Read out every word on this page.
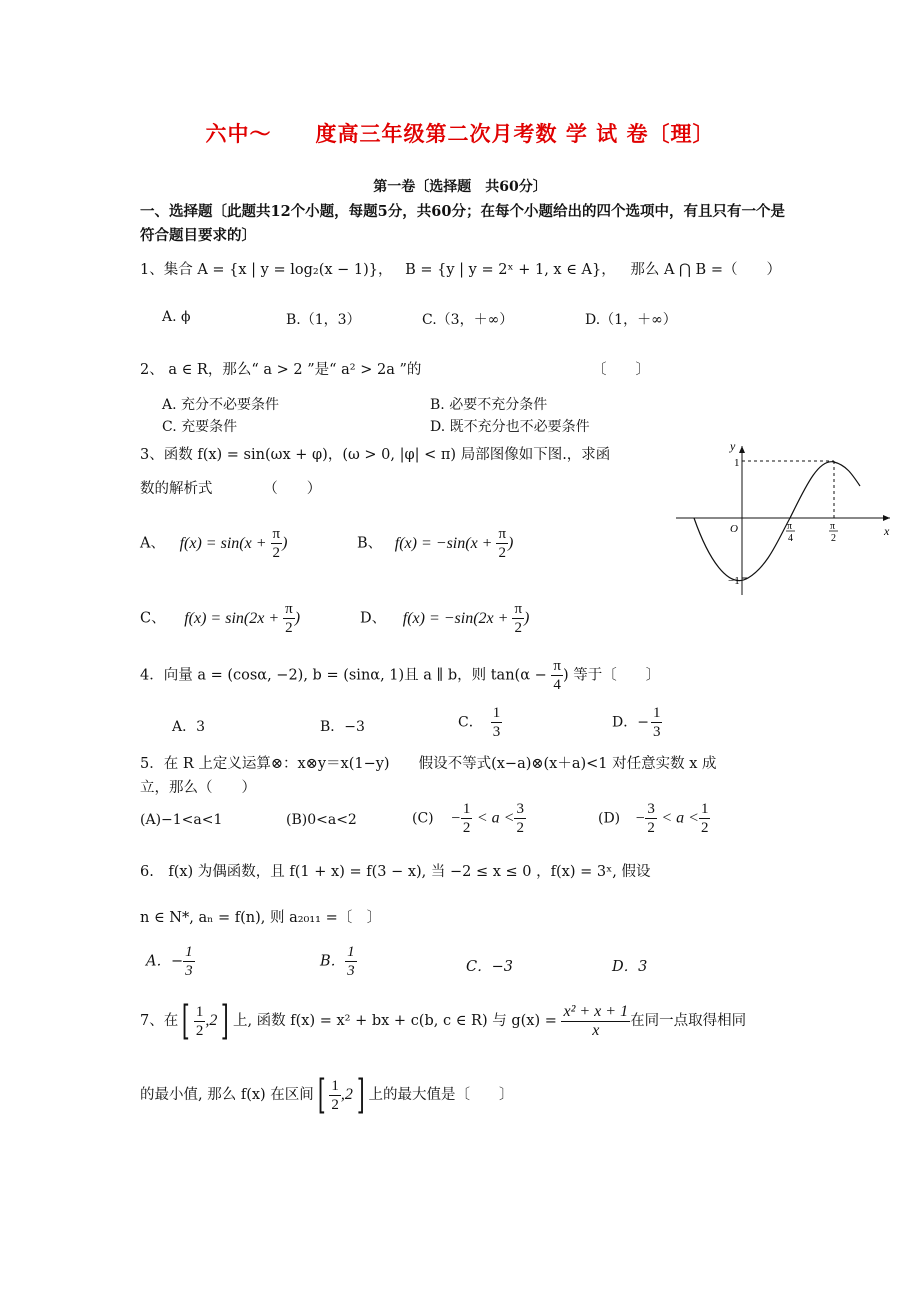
六中～　　度高三年级第二次月考数 学 试 卷〔理〕
第一卷〔选择题　共60分〕
一、选择题〔此题共12个小题，每题5分，共60分；在每个小题给出的四个选项中，有且只有一个是符合题目要求的〕
1、集合 A = {x | y = log₂(x − 1)}， B = {y | y = 2ˣ + 1, x ∈ A}， 那么 A ⋂ B =（　　）
A. ϕ	B.（1，3）	C.（3，＋∞）	D.（1，＋∞）
2、 a ∈ R，那么“ a > 2 ”是“ a² > 2a ”的	〔　　〕
A. 充分不必要条件	B. 必要不充分条件
C. 充要条件	D. 既不充分也不必要条件
3、函数 f(x) = sin(ωx + φ)，(ω > 0, |φ| < π) 局部图像如下图.，求函
数的解析式　　　　（　　）
y
x
O
1
−1
π
4
π
2
A、 $f(x) = \sin(x + \frac{\pi}{2}$ )	B、 $f(x) = -\sin(x + \frac{\pi}{2}$ )
C、 $f(x) = \sin(2x + \frac{\pi}{2}$ )	D、 $f(x) = -\sin(2x + \frac{\pi}{2}$ )
4．向量 a = (cosα, −2), b = (sinα, 1)且 a ∥ b，则 $\tan(\alpha - \frac{\pi}{4}$ ) 等于〔　　〕
A．3	B．−3	C． $\frac{1}{3}$	D．− $\frac{1}{3}$
5．在 R 上定义运算⊗：x⊗y＝x(1−y)　　假设不等式(x−a)⊗(x＋a)<1 对任意实数 x 成
立，那么（　　）
(A)−1<a<1	(B)0<a<2	$(C) - \frac{1}{2} < a < \frac{3}{2}$	$(D) - \frac{3}{2} < a < \frac{1}{2}$
6.　f(x) 为偶函数，且 f(1 + x) = f(3 − x), 当 −2 ≤ x ≤ 0 ，f(x) = 3ˣ, 假设
n ∈ N*, aₙ = f(n), 则 a₂₀₁₁ =〔　〕
A．− $\frac{1}{3}$	B． $\frac{1}{3}$	C．−3	D．3
7、在[ $\frac{1}{2} ,2$] 上, 函数 f(x) = x² + bx + c(b, c ∈ R) 与 $g(x) = \frac{\text{x² + x + 1}}{x}$ 在同一点取得相同
的最小值, 那么 f(x) 在区间[ $\frac{1}{2} ,2$] 上的最大值是〔　　〕
